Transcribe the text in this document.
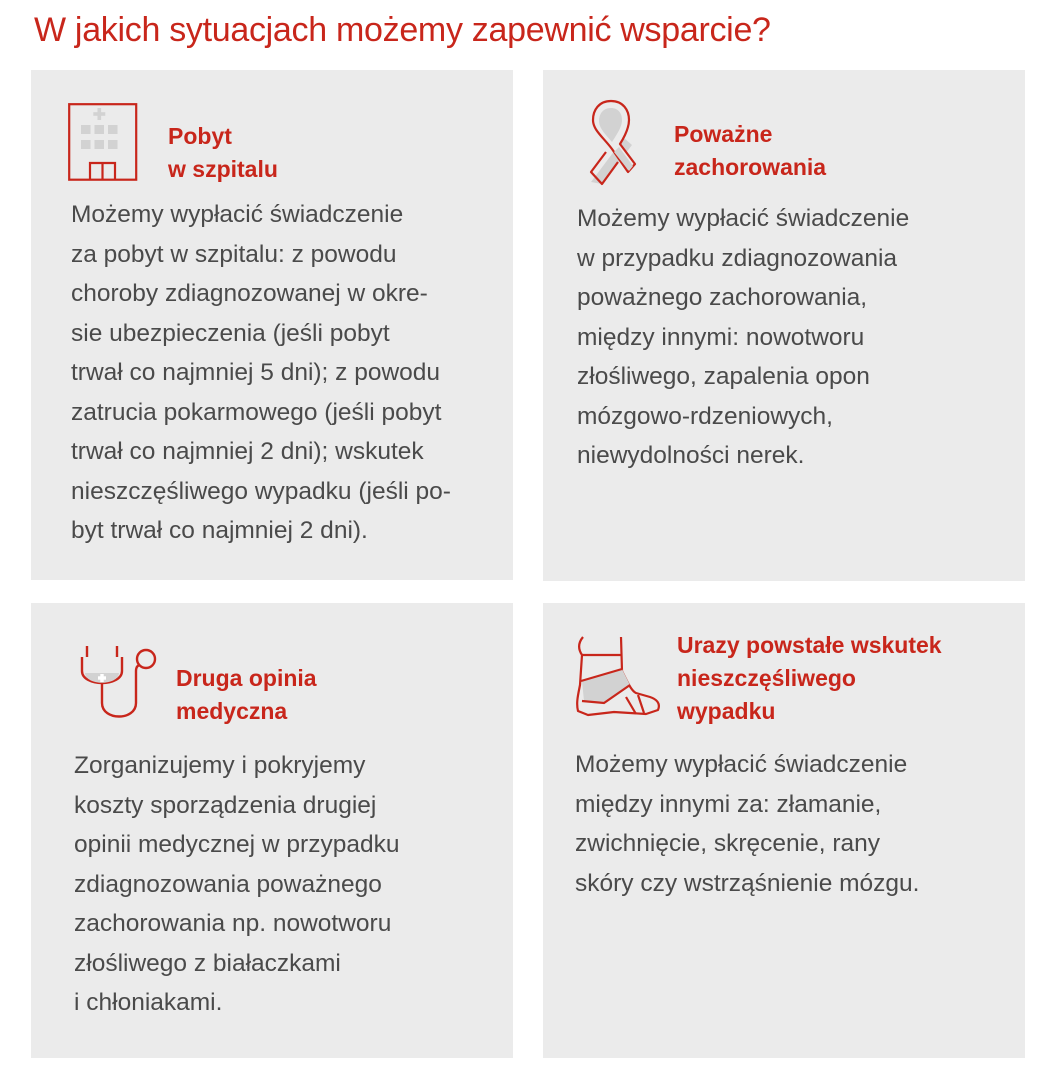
W jakich sytuacjach możemy zapewnić wsparcie?
Pobyt
w szpitalu

Możemy wypłacić świadczenie
za pobyt w szpitalu: z powodu
choroby zdiagnozowanej w okre-
sie ubezpieczenia (jeśli pobyt
trwał co najmniej 5 dni); z powodu
zatrucia pokarmowego (jeśli pobyt
trwał co najmniej 2 dni); wskutek
nieszczęśliwego wypadku (jeśli po-
byt trwał co najmniej 2 dni).

Poważne
zachorowania

Możemy wypłacić świadczenie
w przypadku zdiagnozowania
poważnego zachorowania,
między innymi: nowotworu
złośliwego, zapalenia opon
mózgowo-rdzeniowych,
niewydolności nerek.

Druga opinia
medyczna

Zorganizujemy i pokryjemy
koszty sporządzenia drugiej
opinii medycznej w przypadku
zdiagnozowania poważnego
zachorowania np. nowotworu
złośliwego z białaczkami
i chłoniakami.

Urazy powstałe wskutek
nieszczęśliwego
wypadku

Możemy wypłacić świadczenie
między innymi za: złamanie,
zwichnięcie, skręcenie, rany
skóry czy wstrząśnienie mózgu.
